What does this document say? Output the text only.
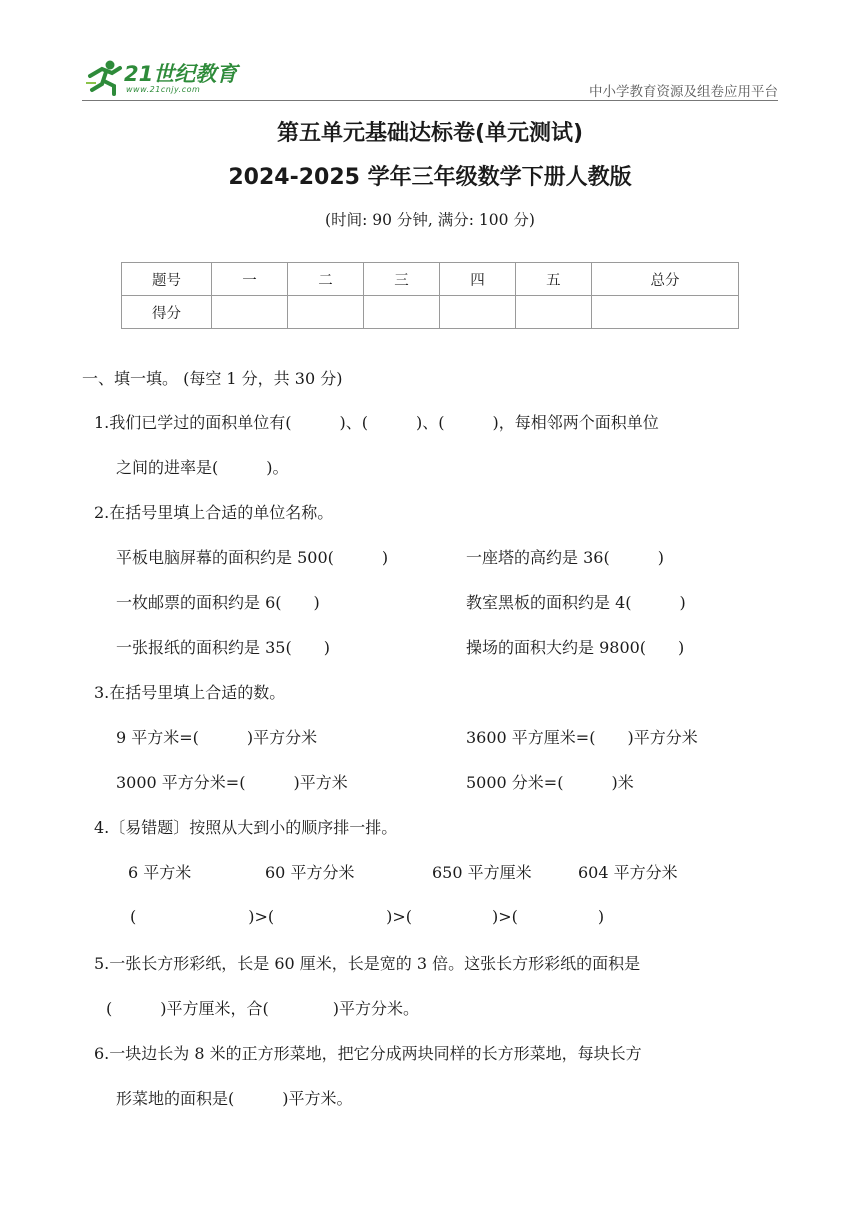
21世纪教育
www.21cnjy.com	中小学教育资源及组卷应用平台
第五单元基础达标卷(单元测试)
2024-2025 学年三年级数学下册人教版
(时间: 90 分钟, 满分: 100 分)
题号	一	二	三	四	五	总分
得分						
一、填一填。 (每空 1 分，共 30 分)
1.我们已学过的面积单位有(　　　)、(　　　)、(　　　)，每相邻两个面积单位
之间的进率是(　　　)。
2.在括号里填上合适的单位名称。
平板电脑屏幕的面积约是 500(　　　)	一座塔的高约是 36(　　　)
一枚邮票的面积约是 6(　　)	教室黑板的面积约是 4(　　　)
一张报纸的面积约是 35(　　)	操场的面积大约是 9800(　　)
3.在括号里填上合适的数。
9 平方米=(　　　)平方分米	3600 平方厘米=(　　)平方分米
3000 平方分米=(　　　)平方米	5000 分米=(　　　)米
4.〔易错题〕按照从大到小的顺序排一排。
6 平方米	60 平方分米	650 平方厘米	604 平方分米
(　　　　　　　)>(　　　　　　　)>(　　　　　)>(　　　　　)
5.一张长方形彩纸，长是 60 厘米，长是宽的 3 倍。这张长方形彩纸的面积是
(　　　)平方厘米，合(　　　　)平方分米。
6.一块边长为 8 米的正方形菜地，把它分成两块同样的长方形菜地，每块长方
形菜地的面积是(　　　)平方米。
